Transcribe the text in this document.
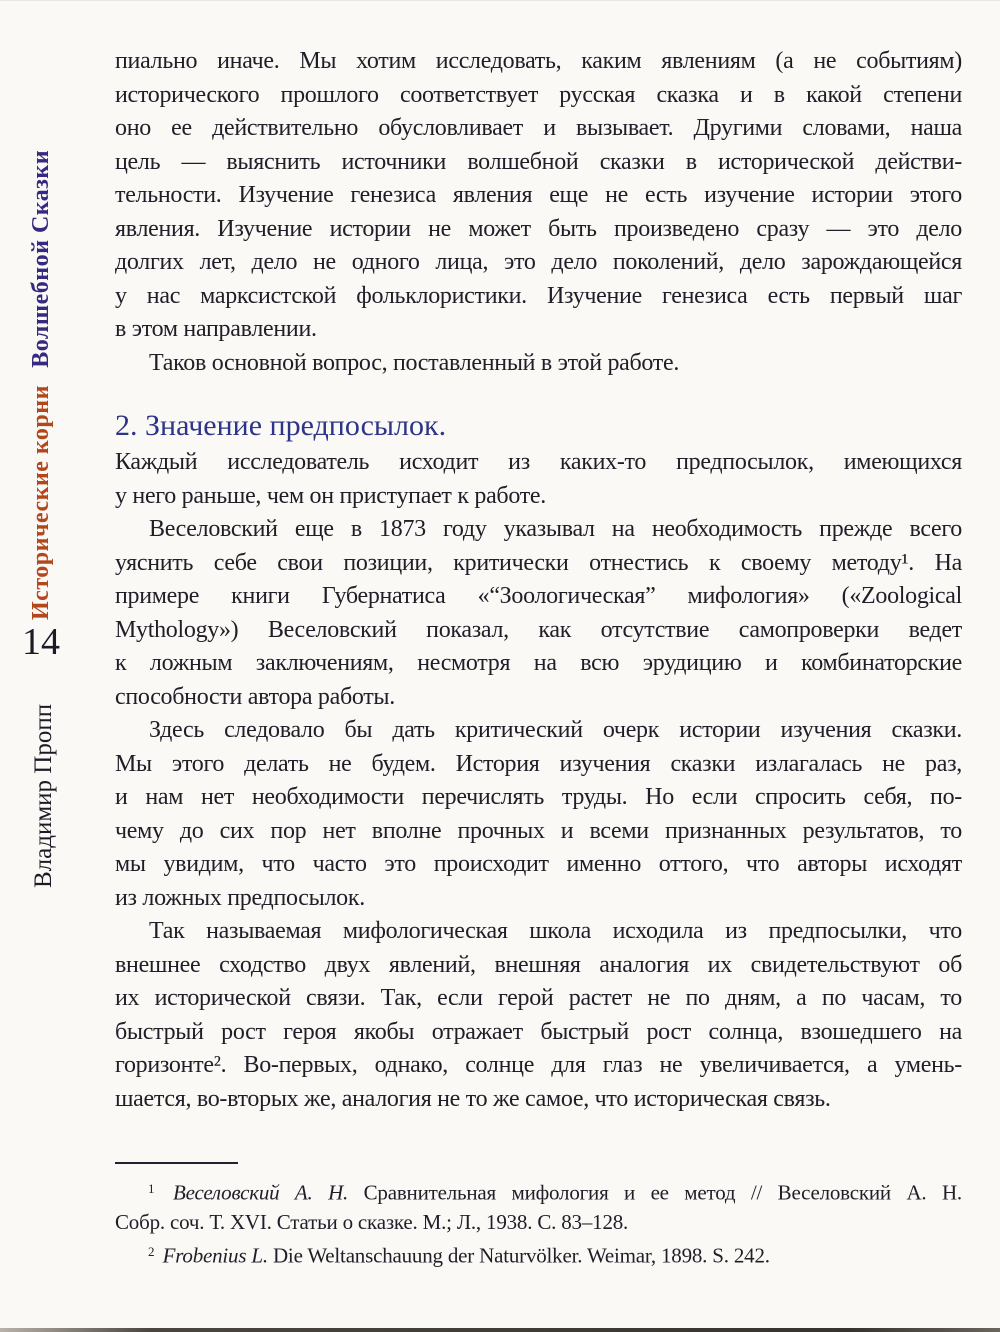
Исторические корни Волшебной Сказки
14
Владимир Пропп

пиально иначе. Мы хотим исследовать, каким явлениям (а не событиям)
исторического прошлого соответствует русская сказка и в какой степени
оно ее действительно обусловливает и вызывает. Другими словами, наша
цель — выяснить источники волшебной сказки в исторической действи-
тельности. Изучение генезиса явления еще не есть изучение истории этого
явления. Изучение истории не может быть произведено сразу — это дело
долгих лет, дело не одного лица, это дело поколений, дело зарождающейся
у нас марксистской фольклористики. Изучение генезиса есть первый шаг
в этом направлении.

Таков основной вопрос, поставленный в этой работе.

2. Значение предпосылок.

Каждый исследователь исходит из каких-то предпосылок, имеющихся
у него раньше, чем он приступает к работе.

Веселовский еще в 1873 году указывал на необходимость прежде всего
уяснить себе свои позиции, критически отнестись к своему методу¹. На
примере книги Губернатиса «“Зоологическая” мифология» («Zoological
Mythology») Веселовский показал, как отсутствие самопроверки ведет
к ложным заключениям, несмотря на всю эрудицию и комбинаторские
способности автора работы.

Здесь следовало бы дать критический очерк истории изучения сказки.
Мы этого делать не будем. История изучения сказки излагалась не раз,
и нам нет необходимости перечислять труды. Но если спросить себя, по-
чему до сих пор нет вполне прочных и всеми признанных результатов, то
мы увидим, что часто это происходит именно оттого, что авторы исходят
из ложных предпосылок.

Так называемая мифологическая школа исходила из предпосылки, что
внешнее сходство двух явлений, внешняя аналогия их свидетельствуют об
их исторической связи. Так, если герой растет не по дням, а по часам, то
быстрый рост героя якобы отражает быстрый рост солнца, взошедшего на
горизонте². Во-первых, однако, солнце для глаз не увеличивается, а умень-
шается, во-вторых же, аналогия не то же самое, что историческая связь.

$^1$ Веселовский А. Н. Сравнительная мифология и ее метод // Веселовский А. Н.
Собр. соч. Т. XVI. Статьи о сказке. М.; Л., 1938. С. 83–128.
$^2$ Frobenius L. Die Weltanschauung der Naturvölker. Weimar, 1898. S. 242.
